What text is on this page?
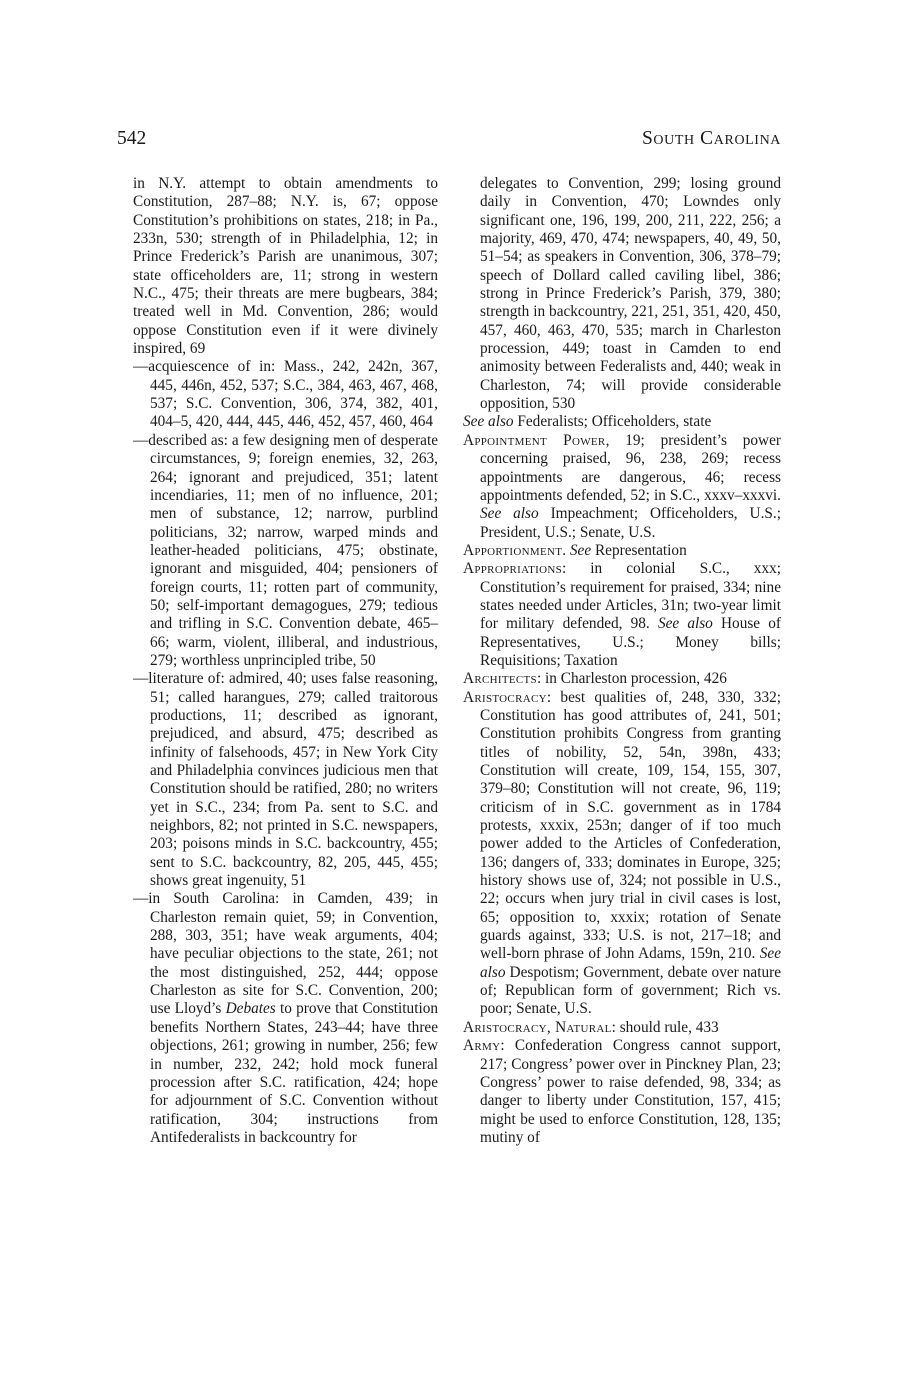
542	South Carolina

in N.Y. attempt to obtain amendments to Constitution, 287–88; N.Y. is, 67; oppose Constitution’s prohibitions on states, 218; in Pa., 233n, 530; strength of in Philadelphia, 12; in Prince Frederick’s Parish are unanimous, 307; state officeholders are, 11; strong in western N.C., 475; their threats are mere bugbears, 384; treated well in Md. Convention, 286; would oppose Constitution even if it were divinely inspired, 69

—acquiescence of in: Mass., 242, 242n, 367, 445, 446n, 452, 537; S.C., 384, 463, 467, 468, 537; S.C. Convention, 306, 374, 382, 401, 404–5, 420, 444, 445, 446, 452, 457, 460, 464

—described as: a few designing men of desperate circumstances, 9; foreign enemies, 32, 263, 264; ignorant and prejudiced, 351; latent incendiaries, 11; men of no influence, 201; men of substance, 12; narrow, purblind politicians, 32; narrow, warped minds and leather-headed politicians, 475; obstinate, ignorant and misguided, 404; pensioners of foreign courts, 11; rotten part of community, 50; self-important demagogues, 279; tedious and trifling in S.C. Convention debate, 465–66; warm, violent, illiberal, and industrious, 279; worthless unprincipled tribe, 50

—literature of: admired, 40; uses false reasoning, 51; called harangues, 279; called traitorous productions, 11; described as ignorant, prejudiced, and absurd, 475; described as infinity of falsehoods, 457; in New York City and Philadelphia convinces judicious men that Constitution should be ratified, 280; no writers yet in S.C., 234; from Pa. sent to S.C. and neighbors, 82; not printed in S.C. newspapers, 203; poisons minds in S.C. backcountry, 455; sent to S.C. backcountry, 82, 205, 445, 455; shows great ingenuity, 51

—in South Carolina: in Camden, 439; in Charleston remain quiet, 59; in Convention, 288, 303, 351; have weak arguments, 404; have peculiar objections to the state, 261; not the most distinguished, 252, 444; oppose Charleston as site for S.C. Convention, 200; use Lloyd’s Debates to prove that Constitution benefits Northern States, 243–44; have three objections, 261; growing in number, 256; few in number, 232, 242; hold mock funeral procession after S.C. ratification, 424; hope for adjournment of S.C. Convention without ratification, 304; instructions from Antifederalists in backcountry for

delegates to Convention, 299; losing ground daily in Convention, 470; Lowndes only significant one, 196, 199, 200, 211, 222, 256; a majority, 469, 470, 474; newspapers, 40, 49, 50, 51–54; as speakers in Convention, 306, 378–79; speech of Dollard called caviling libel, 386; strong in Prince Frederick’s Parish, 379, 380; strength in backcountry, 221, 251, 351, 420, 450, 457, 460, 463, 470, 535; march in Charleston procession, 449; toast in Camden to end animosity between Federalists and, 440; weak in Charleston, 74; will provide considerable opposition, 530

See also Federalists; Officeholders, state

Appointment Power, 19; president’s power concerning praised, 96, 238, 269; recess appointments are dangerous, 46; recess appointments defended, 52; in S.C., xxxv–xxxvi. See also Impeachment; Officeholders, U.S.; President, U.S.; Senate, U.S.

Apportionment. See Representation

Appropriations: in colonial S.C., xxx; Constitution’s requirement for praised, 334; nine states needed under Articles, 31n; two-year limit for military defended, 98. See also House of Representatives, U.S.; Money bills; Requisitions; Taxation

Architects: in Charleston procession, 426

Aristocracy: best qualities of, 248, 330, 332; Constitution has good attributes of, 241, 501; Constitution prohibits Congress from granting titles of nobility, 52, 54n, 398n, 433; Constitution will create, 109, 154, 155, 307, 379–80; Constitution will not create, 96, 119; criticism of in S.C. government as in 1784 protests, xxxix, 253n; danger of if too much power added to the Articles of Confederation, 136; dangers of, 333; dominates in Europe, 325; history shows use of, 324; not possible in U.S., 22; occurs when jury trial in civil cases is lost, 65; opposition to, xxxix; rotation of Senate guards against, 333; U.S. is not, 217–18; and well-born phrase of John Adams, 159n, 210. See also Despotism; Government, debate over nature of; Republican form of government; Rich vs. poor; Senate, U.S.

Aristocracy, Natural: should rule, 433

Army: Confederation Congress cannot support, 217; Congress’ power over in Pinckney Plan, 23; Congress’ power to raise defended, 98, 334; as danger to liberty under Constitution, 157, 415; might be used to enforce Constitution, 128, 135; mutiny of
